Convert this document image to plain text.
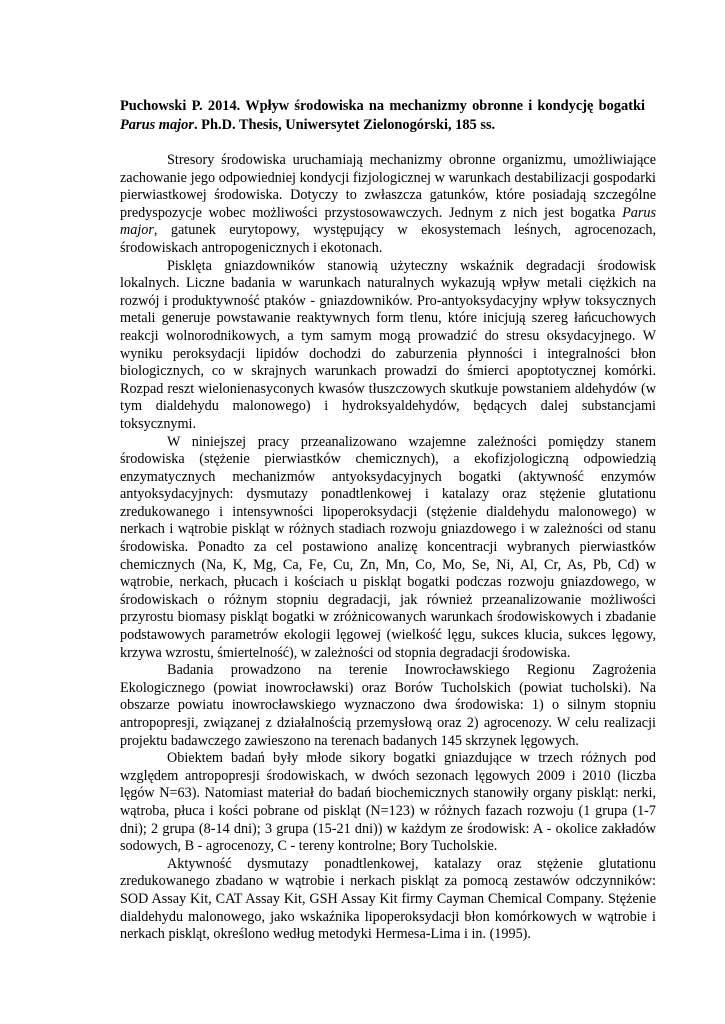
Puchowski P. 2014. Wpływ środowiska na mechanizmy obronne i kondycję bogatki Parus major. Ph.D. Thesis, Uniwersytet Zielonogórski, 185 ss.

Stresory środowiska uruchamiają mechanizmy obronne organizmu, umożliwiające zachowanie jego odpowiedniej kondycji fizjologicznej w warunkach destabilizacji gospodarki pierwiastkowej środowiska. Dotyczy to zwłaszcza gatunków, które posiadają szczególne predyspozycje wobec możliwości przystosowawczych. Jednym z nich jest bogatka Parus major, gatunek eurytopowy, występujący w ekosystemach leśnych, agrocenozach, środowiskach antropogenicznych i ekotonach.

Pisklęta gniazdowników stanowią użyteczny wskaźnik degradacji środowisk lokalnych. Liczne badania w warunkach naturalnych wykazują wpływ metali ciężkich na rozwój i produktywność ptaków - gniazdowników. Pro-antyoksydacyjny wpływ toksycznych metali generuje powstawanie reaktywnych form tlenu, które inicjują szereg łańcuchowych reakcji wolnorodnikowych, a tym samym mogą prowadzić do stresu oksydacyjnego. W wyniku peroksydacji lipidów dochodzi do zaburzenia płynności i integralności błon biologicznych, co w skrajnych warunkach prowadzi do śmierci apoptotycznej komórki. Rozpad reszt wielonienasyconych kwasów tłuszczowych skutkuje powstaniem aldehydów (w tym dialdehydu malonowego) i hydroksyaldehydów, będących dalej substancjami toksycznymi.

W niniejszej pracy przeanalizowano wzajemne zależności pomiędzy stanem środowiska (stężenie pierwiastków chemicznych), a ekofizjologiczną odpowiedzią enzymatycznych mechanizmów antyoksydacyjnych bogatki (aktywność enzymów antyoksydacyjnych: dysmutazy ponadtlenkowej i katalazy oraz stężenie glutationu zredukowanego i intensywności lipoperoksydacji (stężenie dialdehydu malonowego) w nerkach i wątrobie piskląt w różnych stadiach rozwoju gniazdowego i w zależności od stanu środowiska. Ponadto za cel postawiono analizę koncentracji wybranych pierwiastków chemicznych (Na, K, Mg, Ca, Fe, Cu, Zn, Mn, Co, Mo, Se, Ni, Al, Cr, As, Pb, Cd) w wątrobie, nerkach, płucach i kościach u piskląt bogatki podczas rozwoju gniazdowego, w środowiskach o różnym stopniu degradacji, jak również przeanalizowanie możliwości przyrostu biomasy piskląt bogatki w zróżnicowanych warunkach środowiskowych i zbadanie podstawowych parametrów ekologii lęgowej (wielkość lęgu, sukces klucia, sukces lęgowy, krzywa wzrostu, śmiertelność), w zależności od stopnia degradacji środowiska.

Badania prowadzono na terenie Inowrocławskiego Regionu Zagrożenia Ekologicznego (powiat inowrocławski) oraz Borów Tucholskich (powiat tucholski). Na obszarze powiatu inowrocławskiego wyznaczono dwa środowiska: 1) o silnym stopniu antropopresji, związanej z działalnością przemysłową oraz 2) agrocenozy. W celu realizacji projektu badawczego zawieszono na terenach badanych 145 skrzynek lęgowych.

Obiektem badań były młode sikory bogatki gniazdujące w trzech różnych pod względem antropopresji środowiskach, w dwóch sezonach lęgowych 2009 i 2010 (liczba lęgów N=63). Natomiast materiał do badań biochemicznych stanowiły organy piskląt: nerki, wątroba, płuca i kości pobrane od piskląt (N=123) w różnych fazach rozwoju (1 grupa (1-7 dni); 2 grupa (8-14 dni); 3 grupa (15-21 dni)) w każdym ze środowisk: A - okolice zakładów sodowych, B - agrocenozy, C - tereny kontrolne; Bory Tucholskie.

Aktywność dysmutazy ponadtlenkowej, katalazy oraz stężenie glutationu zredukowanego zbadano w wątrobie i nerkach piskląt za pomocą zestawów odczynników: SOD Assay Kit, CAT Assay Kit, GSH Assay Kit firmy Cayman Chemical Company. Stężenie dialdehydu malonowego, jako wskaźnika lipoperoksydacji błon komórkowych w wątrobie i nerkach piskląt, określono według metodyki Hermesa-Lima i in. (1995).
